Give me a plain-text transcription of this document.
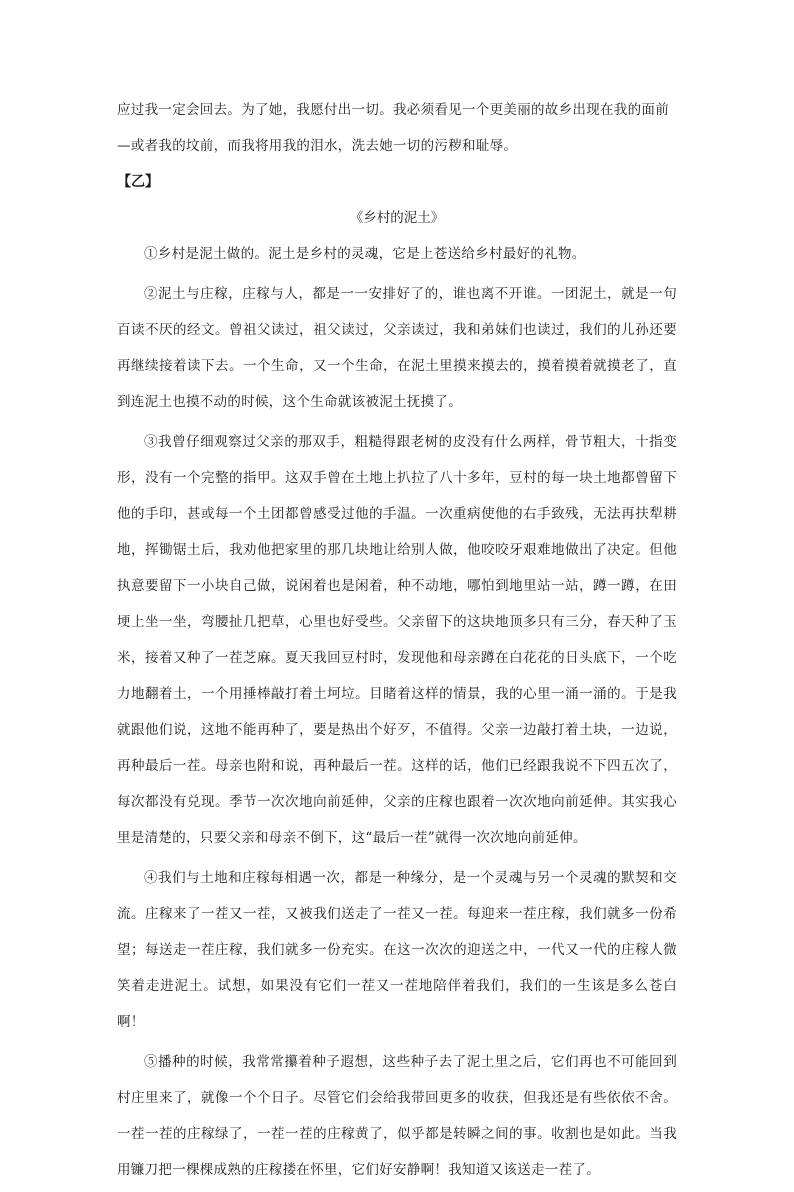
应过我一定会回去。为了她，我愿付出一切。我必须看见一个更美丽的故乡出现在我的面前

—或者我的坟前，而我将用我的泪水，洗去她一切的污秽和耻辱。

【乙】

《乡村的泥土》

①乡村是泥土做的。泥土是乡村的灵魂，它是上苍送给乡村最好的礼物。

②泥土与庄稼，庄稼与人，都是一一安排好了的，谁也离不开谁。一团泥土，就是一句百读不厌的经文。曾祖父读过，祖父读过，父亲读过，我和弟妹们也读过，我们的儿孙还要再继续接着读下去。一个生命，又一个生命，在泥土里摸来摸去的，摸着摸着就摸老了，直到连泥土也摸不动的时候，这个生命就该被泥土抚摸了。

③我曾仔细观察过父亲的那双手，粗糙得跟老树的皮没有什么两样，骨节粗大，十指变形，没有一个完整的指甲。这双手曾在土地上扒拉了八十多年，豆村的每一块土地都曾留下他的手印，甚或每一个土团都曾感受过他的手温。一次重病使他的右手致残，无法再扶犁耕地，挥锄锯土后，我劝他把家里的那几块地让给别人做，他咬咬牙艰难地做出了决定。但他执意要留下一小块自己做，说闲着也是闲着，种不动地，哪怕到地里站一站，蹲一蹲，在田埂上坐一坐，弯腰扯几把草，心里也好受些。父亲留下的这块地顶多只有三分，春天种了玉米，接着又种了一茬芝麻。夏天我回豆村时，发现他和母亲蹲在白花花的日头底下，一个吃力地翻着土，一个用捶棒敲打着土坷垃。目睹着这样的情景，我的心里一涌一涌的。于是我就跟他们说，这地不能再种了，要是热出个好歹，不值得。父亲一边敲打着土块，一边说，再种最后一茬。母亲也附和说，再种最后一茬。这样的话，他们已经跟我说不下四五次了，每次都没有兑现。季节一次次地向前延伸，父亲的庄稼也跟着一次次地向前延伸。其实我心里是清楚的，只要父亲和母亲不倒下，这“最后一茬”就得一次次地向前延伸。

④我们与土地和庄稼每相遇一次，都是一种缘分，是一个灵魂与另一个灵魂的默契和交流。庄稼来了一茬又一茬，又被我们送走了一茬又一茬。每迎来一茬庄稼，我们就多一份希望；每送走一茬庄稼，我们就多一份充实。在这一次次的迎送之中，一代又一代的庄稼人微笑着走进泥土。试想，如果没有它们一茬又一茬地陪伴着我们，我们的一生该是多么苍白啊！

⑤播种的时候，我常常攥着种子遐想，这些种子去了泥土里之后，它们再也不可能回到村庄里来了，就像一个个日子。尽管它们会给我带回更多的收获，但我还是有些依依不舍。一茬一茬的庄稼绿了，一茬一茬的庄稼黄了，似乎都是转瞬之间的事。收割也是如此。当我用镰刀把一棵棵成熟的庄稼搂在怀里，它们好安静啊！我知道又该送走一茬了。
